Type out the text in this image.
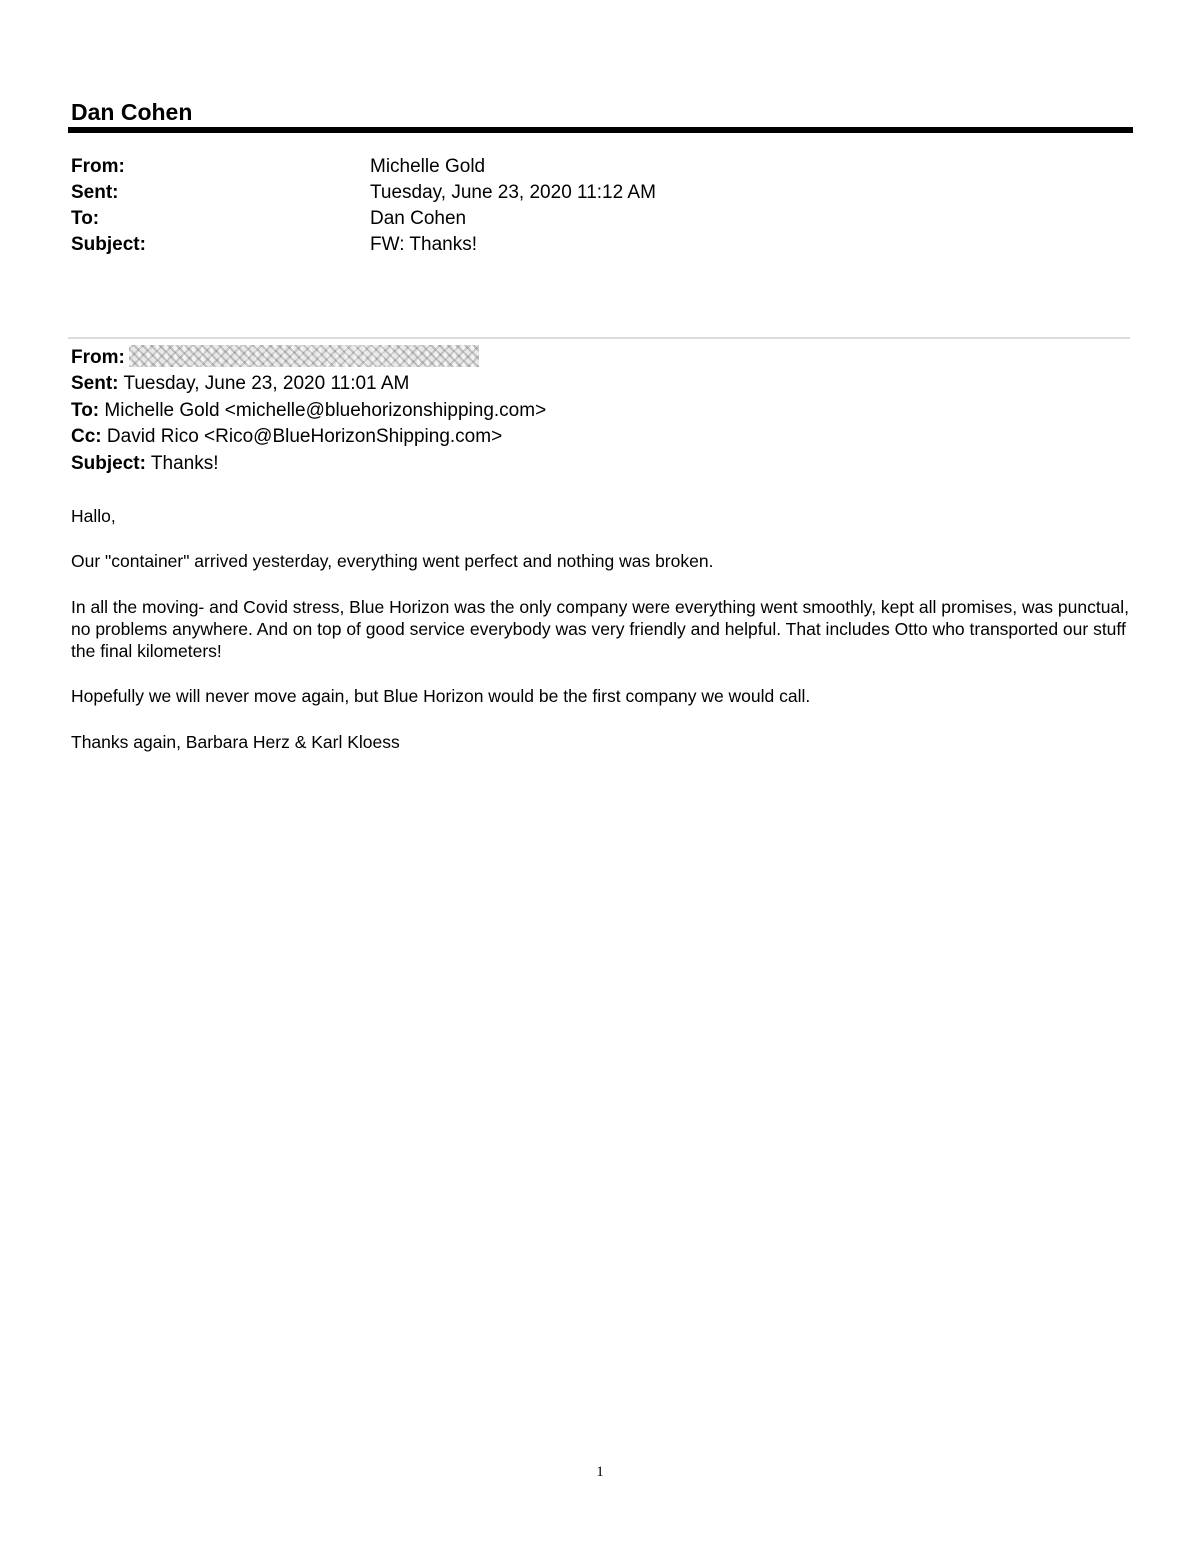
Dan Cohen
From:	Michelle Gold
Sent:	Tuesday, June 23, 2020 11:12 AM
To:	Dan Cohen
Subject:	FW: Thanks!
From:
Sent: Tuesday, June 23, 2020 11:01 AM
To: Michelle Gold <michelle@bluehorizonshipping.com>
Cc: David Rico <Rico@BlueHorizonShipping.com>
Subject: Thanks!

Hallo,

Our "container" arrived yesterday, everything went perfect and nothing was broken.

In all the moving- and Covid stress, Blue Horizon was the only company were everything went smoothly, kept all promises, was punctual, no problems anywhere. And on top of good service everybody was very friendly and helpful. That includes Otto who transported our stuff the final kilometers!

Hopefully we will never move again, but Blue Horizon would be the first company we would call.

Thanks again, Barbara Herz & Karl Kloess

1
